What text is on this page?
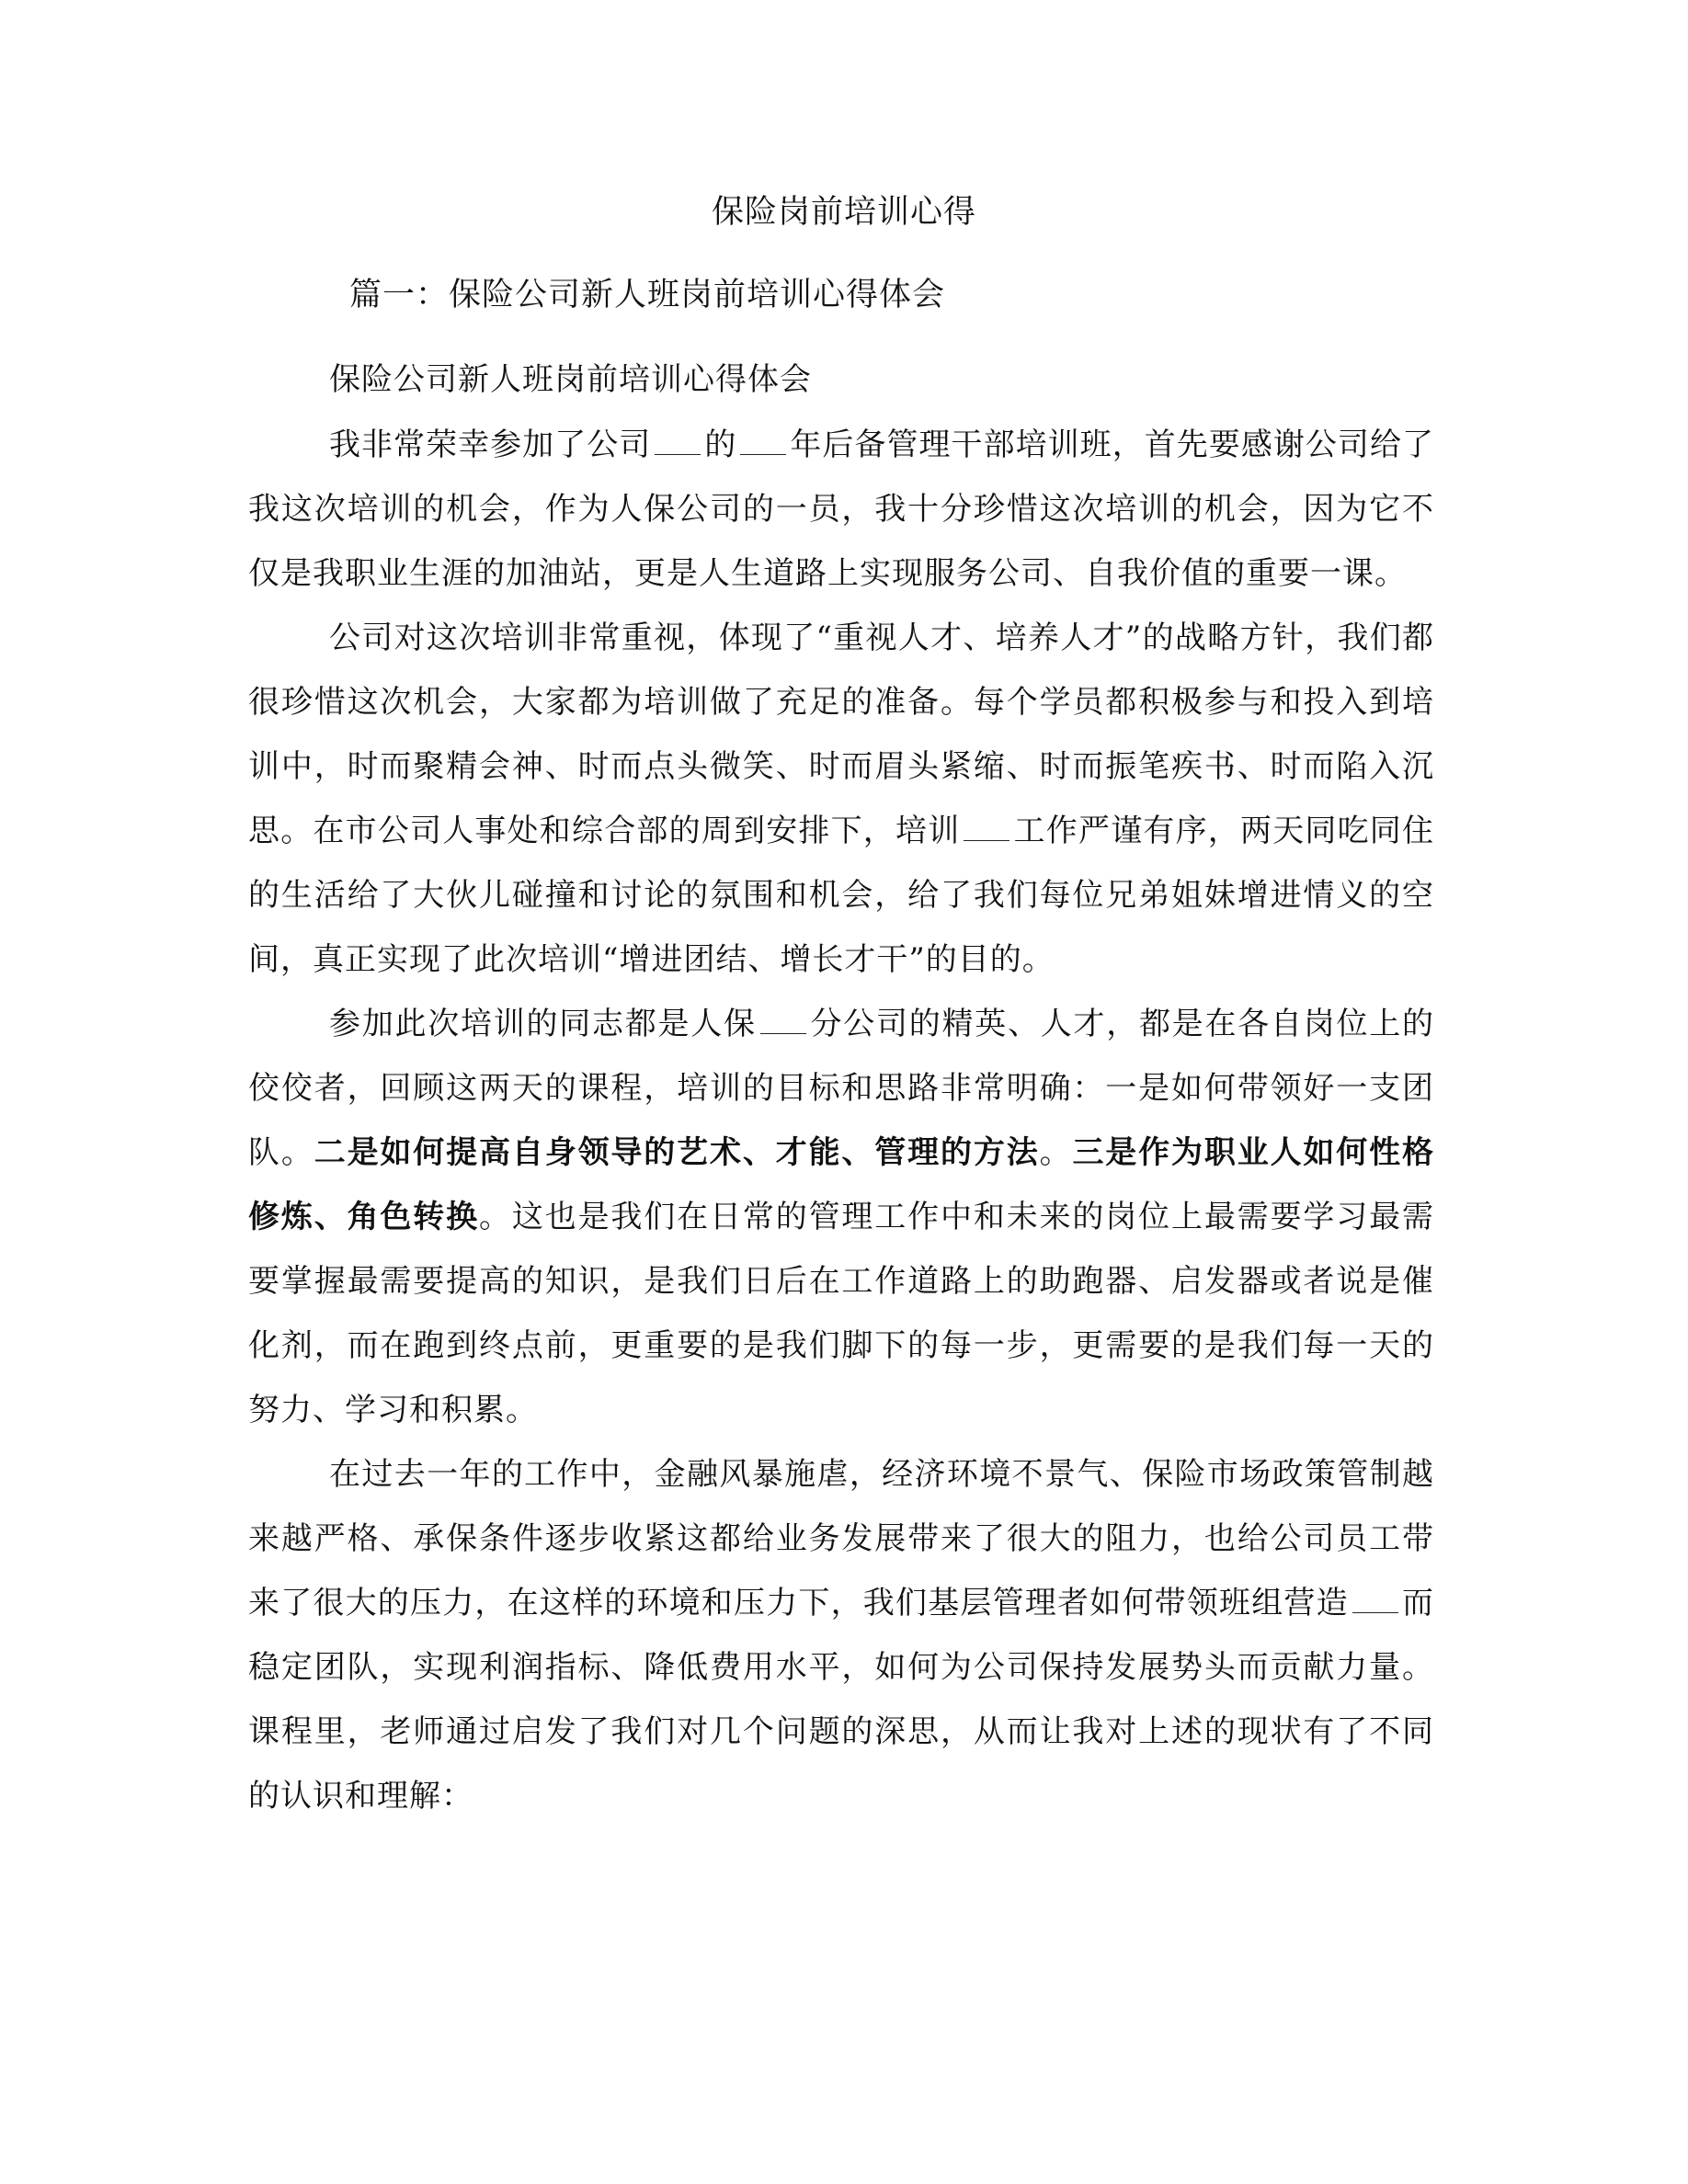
保险岗前培训心得
篇一：保险公司新人班岗前培训心得体会
保险公司新人班岗前培训心得体会

我非常荣幸参加了公司 的 年后备管理干部培训班，首先要感谢公司给了我这次培训的机会，作为人保公司的一员，我十分珍惜这次培训的机会，因为它不仅是我职业生涯的加油站，更是人生道路上实现服务公司、自我价值的重要一课。

公司对这次培训非常重视，体现了“重视人才、培养人才”的战略方针，我们都很珍惜这次机会，大家都为培训做了充足的准备。每个学员都积极参与和投入到培训中，时而聚精会神、时而点头微笑、时而眉头紧缩、时而振笔疾书、时而陷入沉思。在市公司人事处和综合部的周到安排下，培训 工作严谨有序，两天同吃同住的生活给了大伙儿碰撞和讨论的氛围和机会，给了我们每位兄弟姐妹增进情义的空间，真正实现了此次培训“增进团结、增长才干”的目的。

参加此次培训的同志都是人保 分公司的精英、人才，都是在各自岗位上的佼佼者，回顾这两天的课程，培训的目标和思路非常明确：一是如何带领好一支团队。二是如何提高自身领导的艺术、才能、管理的方法。三是作为职业人如何性格修炼、角色转换。这也是我们在日常的管理工作中和未来的岗位上最需要学习最需要掌握最需要提高的知识，是我们日后在工作道路上的助跑器、启发器或者说是催化剂，而在跑到终点前，更重要的是我们脚下的每一步，更需要的是我们每一天的努力、学习和积累。

在过去一年的工作中，金融风暴施虐，经济环境不景气、保险市场政策管制越来越严格、承保条件逐步收紧这都给业务发展带来了很大的阻力，也给公司员工带来了很大的压力，在这样的环境和压力下，我们基层管理者如何带领班组营造 而稳定团队，实现利润指标、降低费用水平，如何为公司保持发展势头而贡献力量。课程里，老师通过启发了我们对几个问题的深思，从而让我对上述的现状有了不同的认识和理解：
